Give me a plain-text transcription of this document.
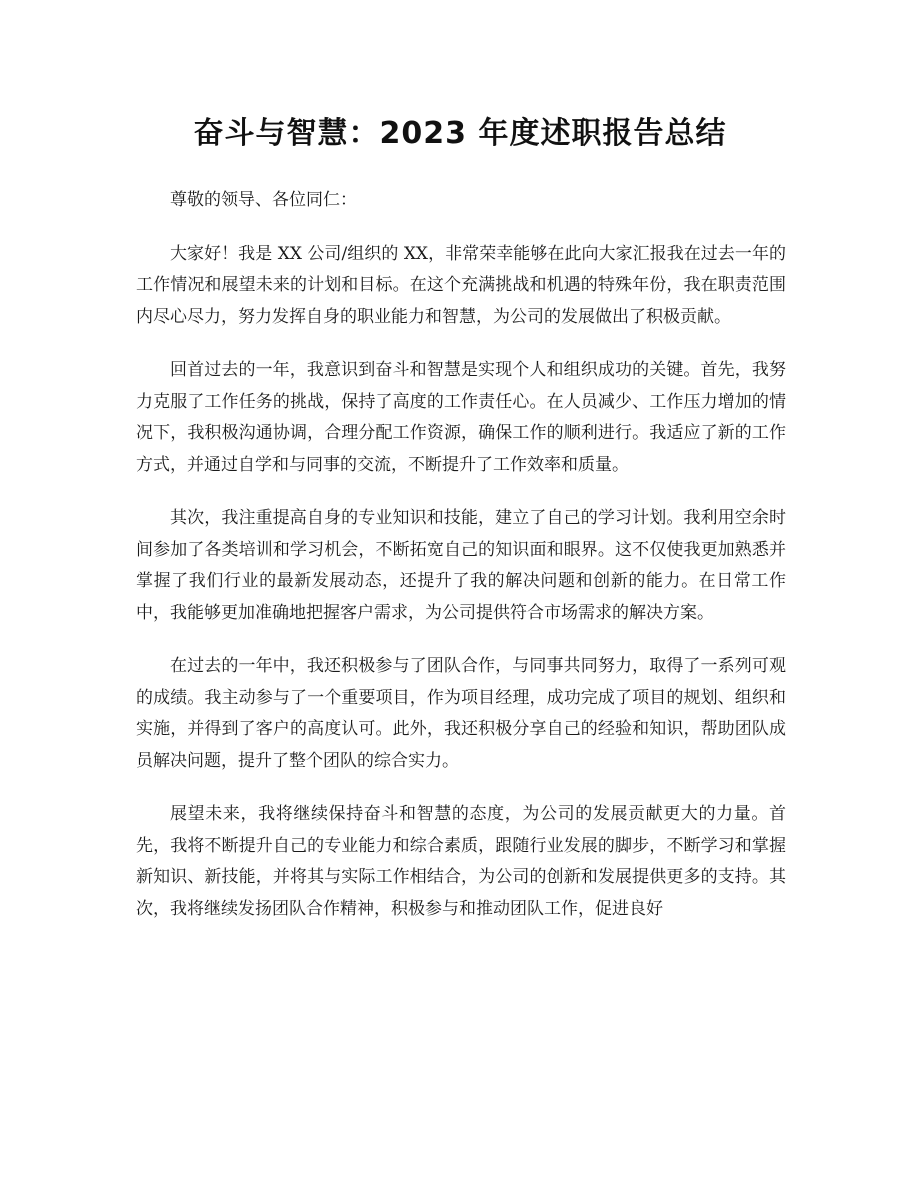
奋斗与智慧：2023 年度述职报告总结

尊敬的领导、各位同仁：

大家好！我是 XX 公司/组织的 XX，非常荣幸能够在此向大家汇报我在过去一年的工作情况和展望未来的计划和目标。在这个充满挑战和机遇的特殊年份，我在职责范围内尽心尽力，努力发挥自身的职业能力和智慧，为公司的发展做出了积极贡献。

回首过去的一年，我意识到奋斗和智慧是实现个人和组织成功的关键。首先，我努力克服了工作任务的挑战，保持了高度的工作责任心。在人员减少、工作压力增加的情况下，我积极沟通协调，合理分配工作资源，确保工作的顺利进行。我适应了新的工作方式，并通过自学和与同事的交流，不断提升了工作效率和质量。

其次，我注重提高自身的专业知识和技能，建立了自己的学习计划。我利用空余时间参加了各类培训和学习机会，不断拓宽自己的知识面和眼界。这不仅使我更加熟悉并掌握了我们行业的最新发展动态，还提升了我的解决问题和创新的能力。在日常工作中，我能够更加准确地把握客户需求，为公司提供符合市场需求的解决方案。

在过去的一年中，我还积极参与了团队合作，与同事共同努力，取得了一系列可观的成绩。我主动参与了一个重要项目，作为项目经理，成功完成了项目的规划、组织和实施，并得到了客户的高度认可。此外，我还积极分享自己的经验和知识，帮助团队成员解决问题，提升了整个团队的综合实力。

展望未来，我将继续保持奋斗和智慧的态度，为公司的发展贡献更大的力量。首先，我将不断提升自己的专业能力和综合素质，跟随行业发展的脚步，不断学习和掌握新知识、新技能，并将其与实际工作相结合，为公司的创新和发展提供更多的支持。其次，我将继续发扬团队合作精神，积极参与和推动团队工作，促进良好
